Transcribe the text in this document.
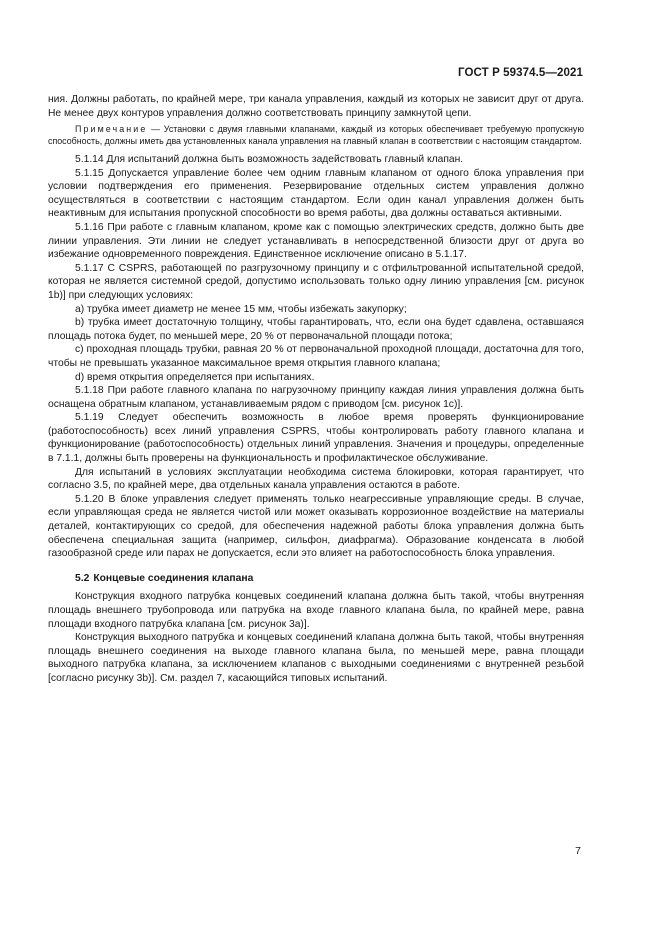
ГОСТ Р 59374.5—2021

ния. Должны работать, по крайней мере, три канала управления, каждый из которых не зависит друг от друга. Не менее двух контуров управления должно соответствовать принципу замкнутой цепи.

Примечание — Установки с двумя главными клапанами, каждый из которых обеспечивает требуемую пропускную способность, должны иметь два установленных канала управления на главный клапан в соответствии с настоящим стандартом.

5.1.14 Для испытаний должна быть возможность задействовать главный клапан.

5.1.15 Допускается управление более чем одним главным клапаном от одного блока управления при условии подтверждения его применения. Резервирование отдельных систем управления должно осуществляться в соответствии с настоящим стандартом. Если один канал управления должен быть неактивным для испытания пропускной способности во время работы, два должны оставаться активными.

5.1.16 При работе с главным клапаном, кроме как с помощью электрических средств, должно быть две линии управления. Эти линии не следует устанавливать в непосредственной близости друг от друга во избежание одновременного повреждения. Единственное исключение описано в 5.1.17.

5.1.17 С CSPRS, работающей по разгрузочному принципу и с отфильтрованной испытательной средой, которая не является системной средой, допустимо использовать только одну линию управления [см. рисунок 1b)] при следующих условиях:

a) трубка имеет диаметр не менее 15 мм, чтобы избежать закупорку;

b) трубка имеет достаточную толщину, чтобы гарантировать, что, если она будет сдавлена, оставшаяся площадь потока будет, по меньшей мере, 20 % от первоначальной площади потока;

c) проходная площадь трубки, равная 20 % от первоначальной проходной площади, достаточна для того, чтобы не превышать указанное максимальное время открытия главного клапана;

d) время открытия определяется при испытаниях.

5.1.18 При работе главного клапана по нагрузочному принципу каждая линия управления должна быть оснащена обратным клапаном, устанавливаемым рядом с приводом [см. рисунок 1c)].

5.1.19 Следует обеспечить возможность в любое время проверять функционирование (работоспособность) всех линий управления CSPRS, чтобы контролировать работу главного клапана и функционирование (работоспособность) отдельных линий управления. Значения и процедуры, определенные в 7.1.1, должны быть проверены на функциональность и профилактическое обслуживание.

Для испытаний в условиях эксплуатации необходима система блокировки, которая гарантирует, что согласно 3.5, по крайней мере, два отдельных канала управления остаются в работе.

5.1.20 В блоке управления следует применять только неагрессивные управляющие среды. В случае, если управляющая среда не является чистой или может оказывать коррозионное воздействие на материалы деталей, контактирующих со средой, для обеспечения надежной работы блока управления должна быть обеспечена специальная защита (например, сильфон, диафрагма). Образование конденсата в любой газообразной среде или парах не допускается, если это влияет на работоспособность блока управления.

5.2 Концевые соединения клапана

Конструкция входного патрубка концевых соединений клапана должна быть такой, чтобы внутренняя площадь внешнего трубопровода или патрубка на входе главного клапана была, по крайней мере, равна площади входного патрубка клапана [см. рисунок 3a)].

Конструкция выходного патрубка и концевых соединений клапана должна быть такой, чтобы внутренняя площадь внешнего соединения на выходе главного клапана была, по меньшей мере, равна площади выходного патрубка клапана, за исключением клапанов с выходными соединениями с внутренней резьбой [согласно рисунку 3b)]. См. раздел 7, касающийся типовых испытаний.

7
